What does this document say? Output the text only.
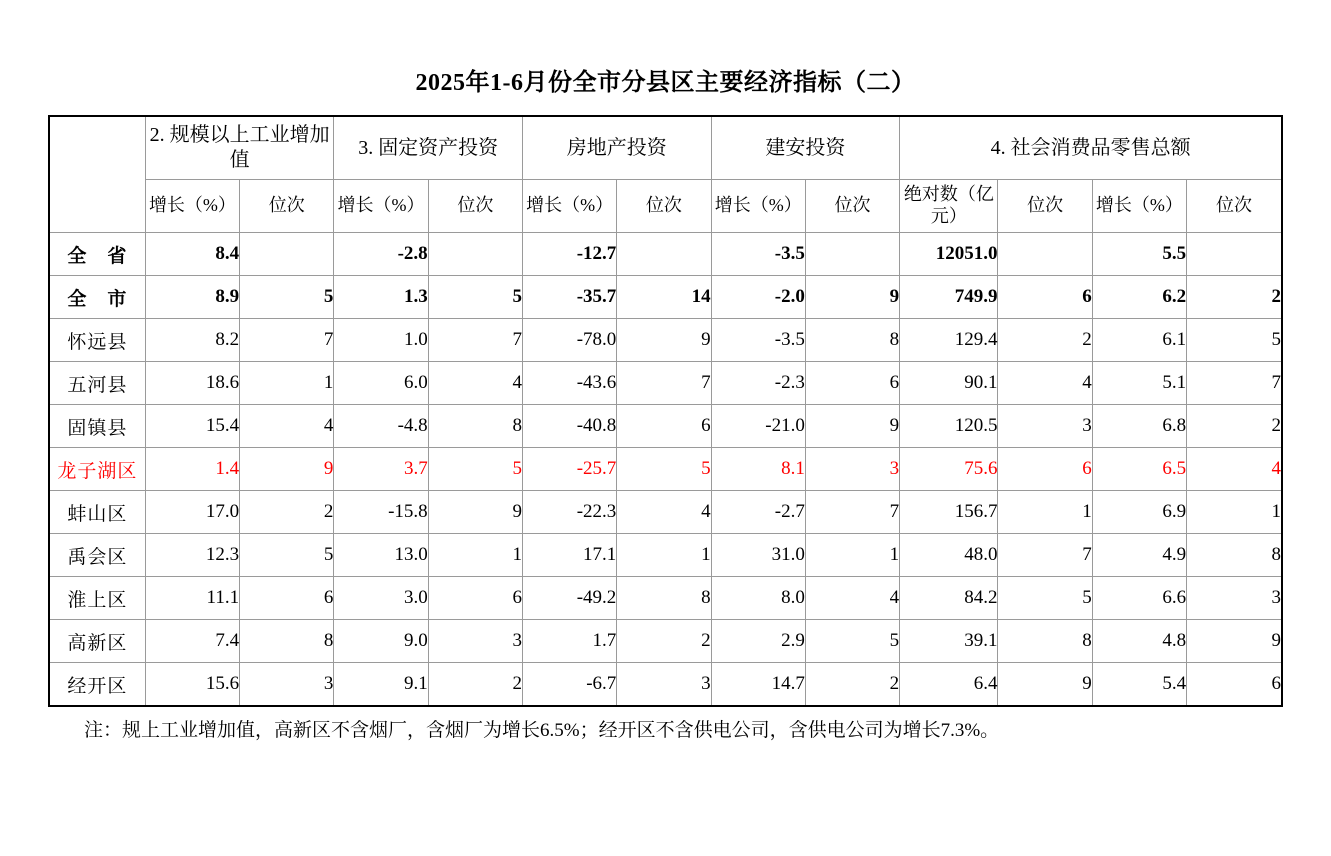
2025年1-6月份全市分县区主要经济指标（二）
	2. 规模以上工业增加值		3. 固定资产投资		房地产投资		建安投资		4. 社会消费品零售总额			
	增长（%）	位次	增长（%）	位次	增长（%）	位次	增长（%）	位次	绝对数（亿元）	位次	增长（%）	位次
全　省	8.4		-2.8		-12.7		-3.5		12051.0		5.5	
全　市	8.9	5	1.3	5	-35.7	14	-2.0	9	749.9	6	6.2	2
怀远县	8.2	7	1.0	7	-78.0	9	-3.5	8	129.4	2	6.1	5
五河县	18.6	1	6.0	4	-43.6	7	-2.3	6	90.1	4	5.1	7
固镇县	15.4	4	-4.8	8	-40.8	6	-21.0	9	120.5	3	6.8	2
龙子湖区	1.4	9	3.7	5	-25.7	5	8.1	3	75.6	6	6.5	4
蚌山区	17.0	2	-15.8	9	-22.3	4	-2.7	7	156.7	1	6.9	1
禹会区	12.3	5	13.0	1	17.1	1	31.0	1	48.0	7	4.9	8
淮上区	11.1	6	3.0	6	-49.2	8	8.0	4	84.2	5	6.6	3
高新区	7.4	8	9.0	3	1.7	2	2.9	5	39.1	8	4.8	9
经开区	15.6	3	9.1	2	-6.7	3	14.7	2	6.4	9	5.4	6
注：规上工业增加值，高新区不含烟厂，含烟厂为增长6.5%；经开区不含供电公司，含供电公司为增长7.3%。
